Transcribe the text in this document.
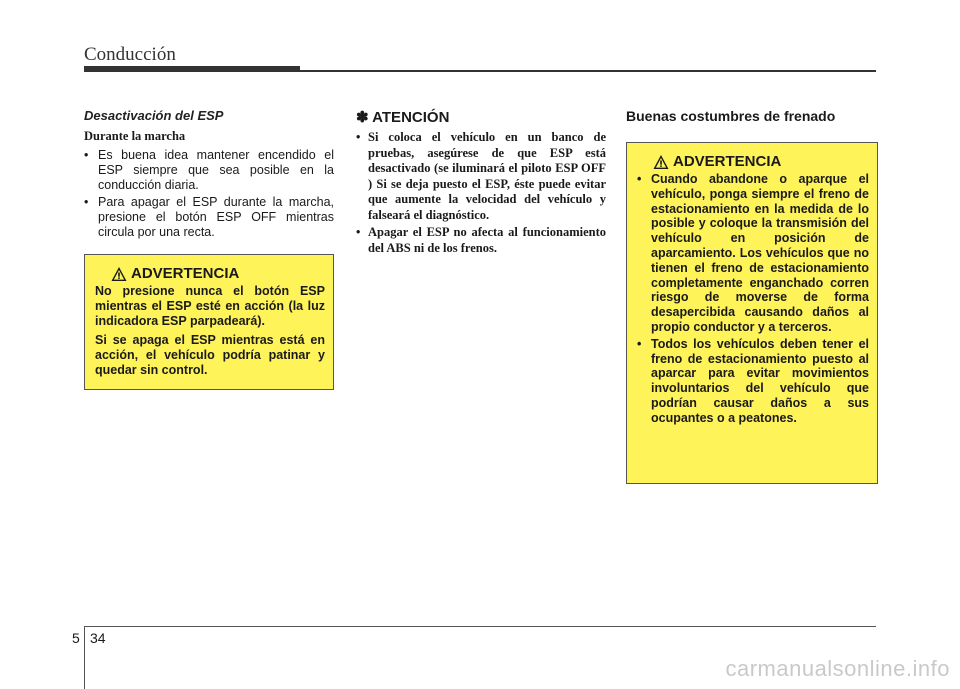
Conducción

Desactivación del ESP

Durante la marcha

• Es buena idea mantener encendido el ESP siempre que sea posible en la conducción diaria.
• Para apagar el ESP durante la marcha, presione el botón ESP OFF mientras circula por una recta.
ADVERTENCIA

No presione nunca el botón ESP mientras el ESP esté en acción (la luz indicadora ESP parpadeará).

Si se apaga el ESP mientras está en acción, el vehículo podría patinar y quedar sin control.

✽ ATENCIÓN

• Si coloca el vehículo en un banco de pruebas, asegúrese de que ESP está desactivado (se iluminará el piloto ESP OFF ) Si se deja puesto el ESP, éste puede evitar que aumente la velocidad del vehículo y falseará el diagnóstico.
• Apagar el ESP no afecta al funcionamiento del ABS ni de los frenos.

Buenas costumbres de frenado

ADVERTENCIA
• Cuando abandone o aparque el vehículo, ponga siempre el freno de estacionamiento en la medida de lo posible y coloque la transmisión del vehículo en posición de aparcamiento. Los vehículos que no tienen el freno de estacionamiento completamente enganchado corren riesgo de moverse de forma desapercibida causando daños al propio conductor y a terceros.
• Todos los vehículos deben tener el freno de estacionamiento puesto al aparcar para evitar movimientos involuntarios del vehículo que podrían causar daños a sus ocupantes o a peatones.
5 34
carmanualsonline.info
